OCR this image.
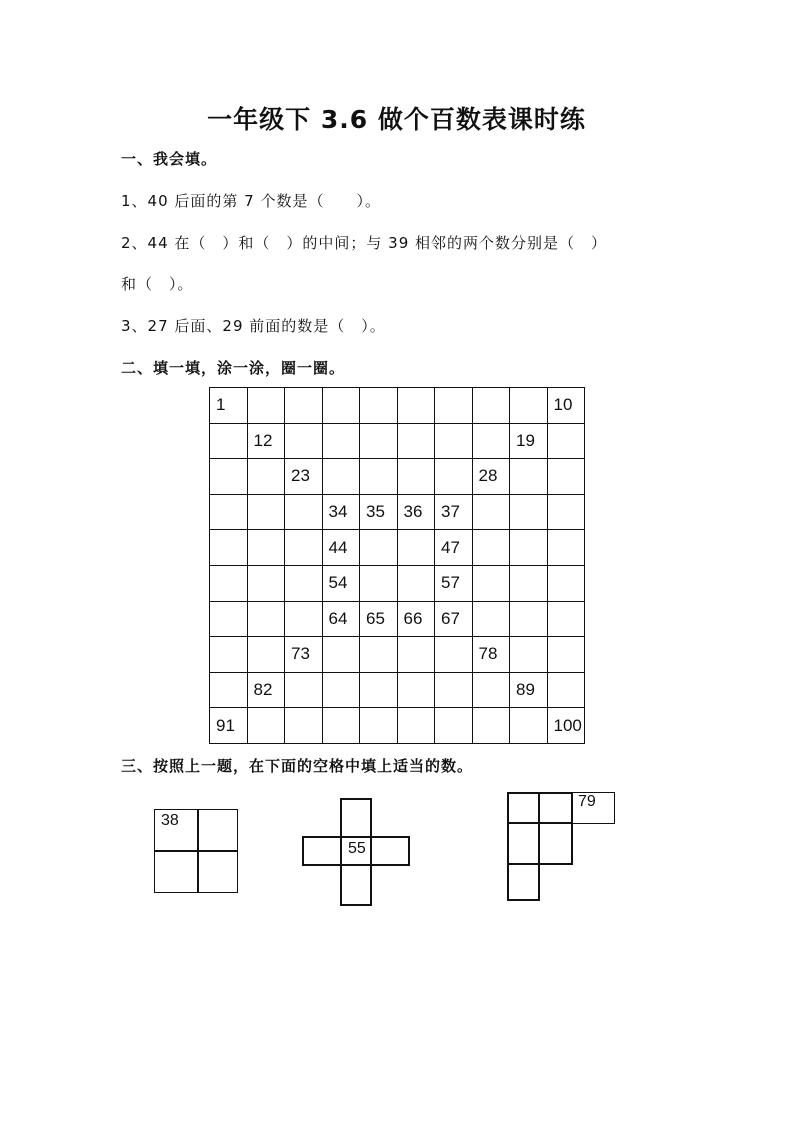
一年级下 3.6 做个百数表课时练
一、我会填。
1、40 后面的第 7 个数是（　　）。
2、44 在（　）和（　）的中间；与 39 相邻的两个数分别是（　）
和（　）。
3、27 后面、29 前面的数是（　）。
二、填一填，涂一涂，圈一圈。
1									10
	12							19	
		23					28		
			34	35	36	37			
			44			47			
			54			57			
			64	65	66	67			
		73					78		
	82							89	
91									100
三、按照上一题，在下面的空格中填上适当的数。
38
55
79
